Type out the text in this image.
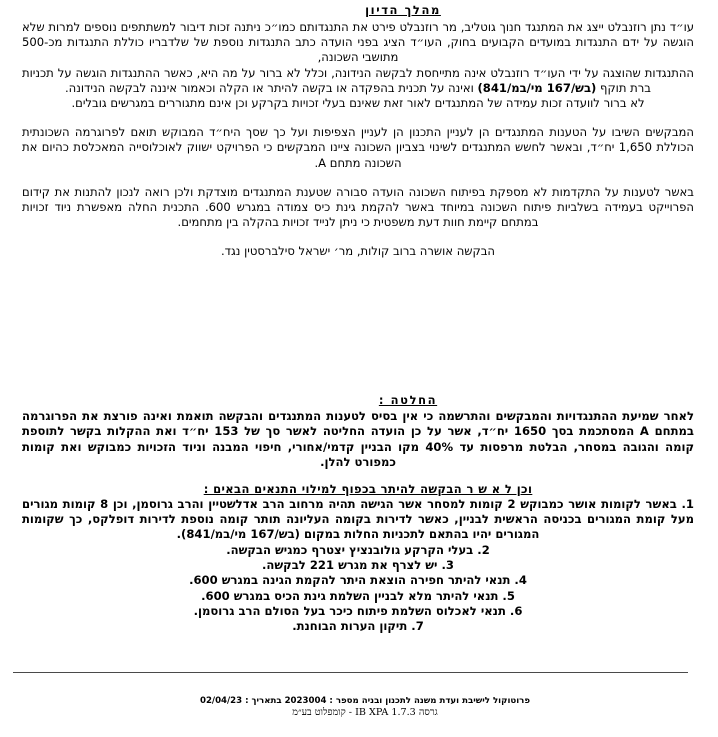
מהלך הדיון

עו״ד נתן רוזנבלט ייצג את המתנגד חנוך גוטליב, מר רוזנבלט פירט את התנגדותם כמו״כ ניתנה זכות דיבור למשתתפים נוספים למרות שלא הוגשה על ידם התנגדות במועדים הקבועים בחוק, העו״ד הציג בפני הועדה כתב התנגדות נוספת של שלדבריו כוללת התנגדות מכ-500 מתושבי השכונה,

ההתנגדות שהוצגה על ידי העו״ד רוזנבלט אינה מתייחסת לבקשה הנידונה, וכלל לא ברור על מה היא, כאשר ההתנגדות הוגשה על תכניות ברת תוקף (בש/167 מי/במ/841) ואינה על תכנית בהפקדה או בקשה להיתר או הקלה וכאמור איננה לבקשה הנידונה.

לא ברור לוועדה זכות עמידה של המתנגדים לאור זאת שאינם בעלי זכויות בקרקע וכן אינם מתגוררים במגרשים גובלים.

המבקשים השיבו על הטענות המתנגדים הן לעניין התכנון הן לעניין הצפיפות ועל כך שסך היח״ד המבוקש תואם לפרוגרמה השכונתית הכוללת 1,650 יח״ד, ובאשר לחשש המתנגדים לשינוי בצביון השכונה ציינו המבקשים כי הפרויקט ישווק לאוכלוסייה המאכלסת כהיום את השכונה מתחם A.

באשר לטענות על התקדמות לא מספקת בפיתוח השכונה הועדה סבורה שטענת המתנגדים מוצדקת ולכן רואה לנכון להתנות את קידום הפרוייקט בעמידה בשלביות פיתוח השכונה במיוחד באשר להקמת גינת כיס צמודה במגרש 600. התכנית החלה מאפשרת ניוד זכויות במתחם קיימת חוות דעת משפטית כי ניתן לנייד זכויות בהקלה בין מתחמים.

הבקשה אושרה ברוב קולות, מר׳ ישראל סילברסטין נגד.

החלטה :

לאחר שמיעת ההתנגדויות והמבקשים והתרשמה כי אין בסיס לטענות המתנגדים והבקשה תואמת ואינה פורצת את הפרוגרמה במתחם A המסתכמת בסך 1650 יח״ד, אשר על כן הועדה החליטה לאשר סך של 153 יח״ד ואת ההקלות בקשר לתוספת קומה והגובה במסחר, הבלטת מרפסות עד 40% מקו הבניין קדמי/אחורי, חיפוי המבנה וניוד הזכויות כמבוקש ואת קומות כמפורט להלן.

וכן ל א ש ר הבקשה להיתר בכפוף למילוי התנאים הבאים :
1. באשר לקומות אושר כמבוקש 2 קומות למסחר אשר הגישה תהיה מרחוב הרב אדלשטיין והרב גרוסמן, וכן 8 קומות מגורים מעל קומת המגורים בכניסה הראשית לבניין, כאשר לדירות בקומה העליונה תותר קומה נוספת לדירות דופלקס, כך שקומות המגורים יהיו בהתאם לתכניות החלות במקום (בש/167 מי/במ/841).
2. בעלי הקרקע גולובנציץ יצטרף כמגיש הבקשה.
3. יש לצרף את מגרש 221 לבקשה.
4. תנאי להיתר חפירה הוצאת היתר להקמת הגינה במגרש 600.
5. תנאי להיתר מלא לבניין השלמת גינת הכיס במגרש 600.
6. תנאי לאכלוס השלמת פיתוח כיכר בעל הסולם הרב גרוסמן.
7. תיקון הערות הבוחנת.
פרוטוקול לישיבת ועדת משנה לתכנון ובניה מספר : 2023004 בתאריך : 02/04/23
גרסה IB XPA 1.7.3 - קומפלוט בע״מ
